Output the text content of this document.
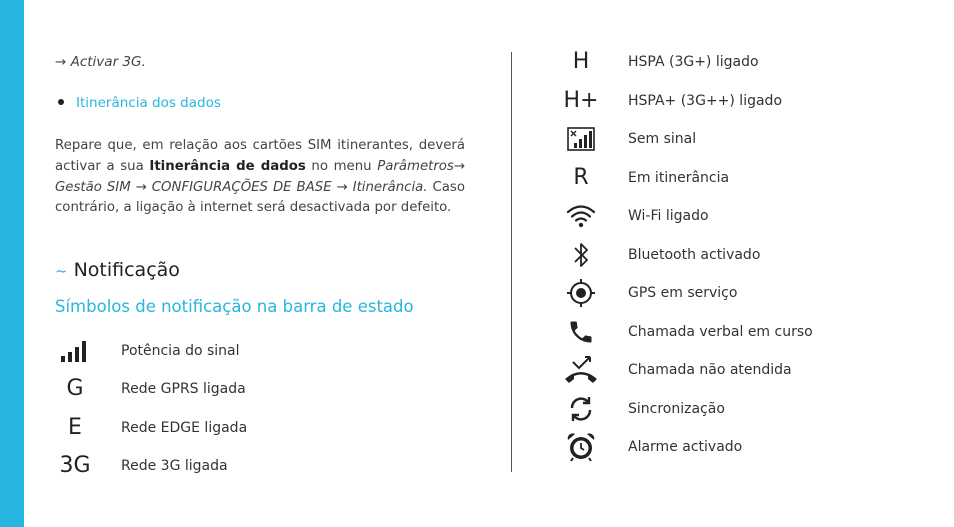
→ Activar 3G.
Itinerância dos dados
Repare que, em relação aos cartões SIM itinerantes, deverá activar a sua Itinerância de dados no menu Parâmetros→ Gestão SIM → CONFIGURAÇÕES DE BASE → Itinerância. Caso contrário, a ligação à internet será desactivada por defeito.
~ Notificação
Símbolos de notificação na barra de estado
Potência do sinal
G	Rede GPRS ligada
E	Rede EDGE ligada
3G Rede 3G ligada
H	HSPA (3G+) ligado
H+ HSPA+ (3G++) ligado
Sem sinal
R	Em itinerância
Wi-Fi ligado
Bluetooth activado
GPS em serviço
Chamada verbal em curso
Chamada não atendida
Sincronização
Alarme activado
